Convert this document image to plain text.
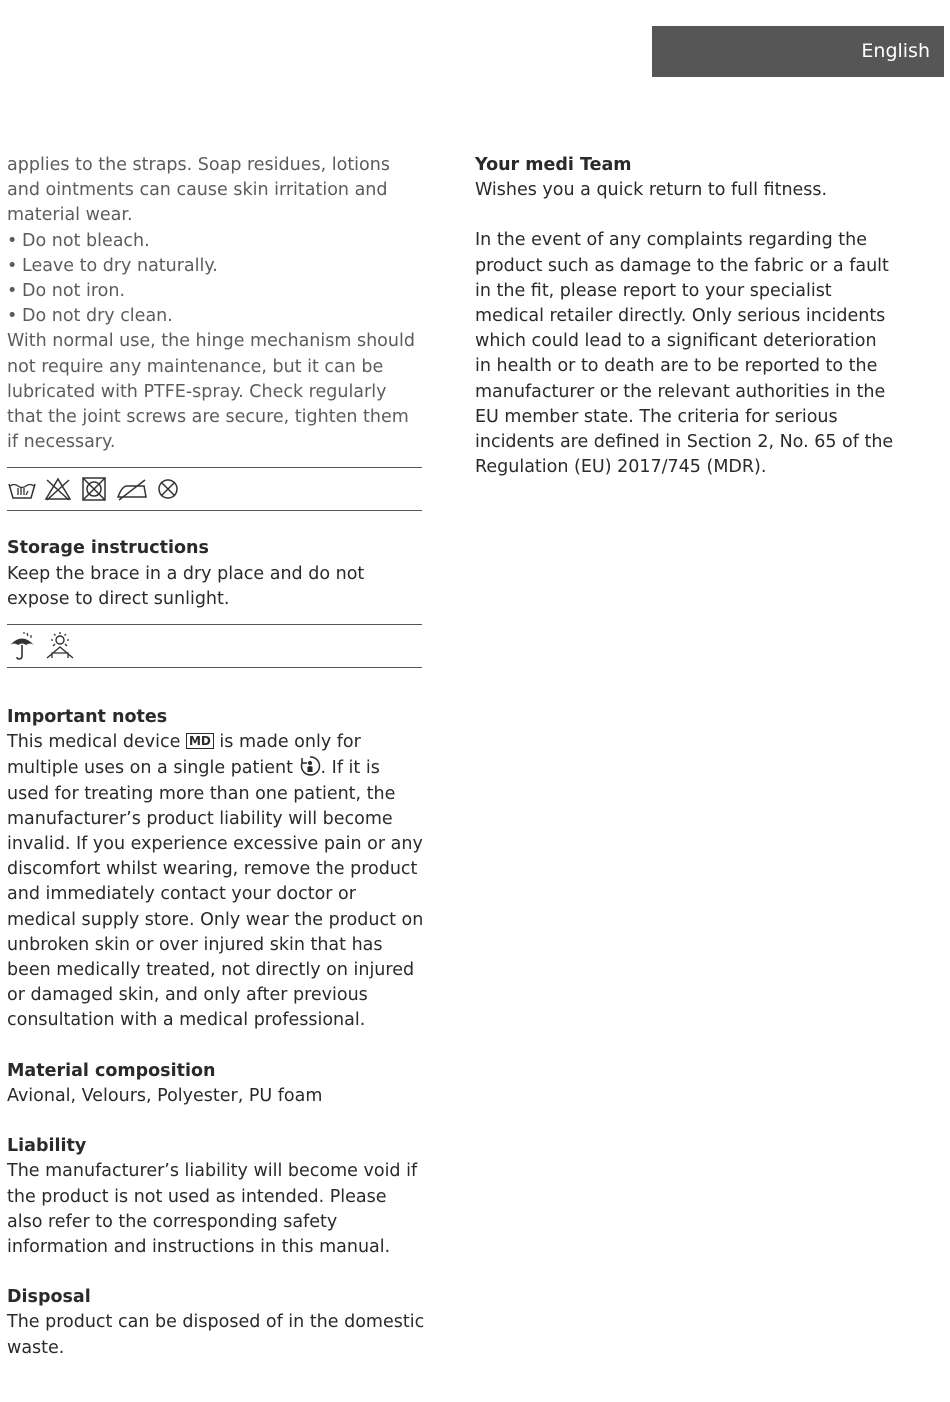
English

applies to the straps. Soap residues, lotions and ointments can cause skin irritation and material wear.

• Do not bleach.
• Leave to dry naturally.
• Do not iron.
• Do not dry clean.

With normal use, the hinge mechanism should not require any maintenance, but it can be lubricated with PTFE-spray. Check regularly that the joint screws are secure, tighten them if necessary.

Storage instructions

Keep the brace in a dry place and do not expose to direct sunlight.

Important notes

This medical device MD is made only for multiple uses on a single patient . If it is used for treating more than one patient, the manufacturer’s product liability will become invalid. If you experience excessive pain or any discomfort whilst wearing, remove the product and immediately contact your doctor or medical supply store. Only wear the product on unbroken skin or over injured skin that has been medically treated, not directly on injured or damaged skin, and only after previous consultation with a medical professional.

Material composition

Avional, Velours, Polyester, PU foam

Liability

The manufacturer’s liability will become void if the product is not used as intended. Please also refer to the corresponding safety information and instructions in this manual.

Disposal

The product can be disposed of in the domestic waste.

Your medi Team

Wishes you a quick return to full fitness.

In the event of any complaints regarding the product such as damage to the fabric or a fault in the fit, please report to your specialist medical retailer directly. Only serious incidents which could lead to a significant deterioration in health or to death are to be reported to the manufacturer or the relevant authorities in the EU member state. The criteria for serious incidents are defined in Section 2, No. 65 of the Regulation (EU) 2017/745 (MDR).
